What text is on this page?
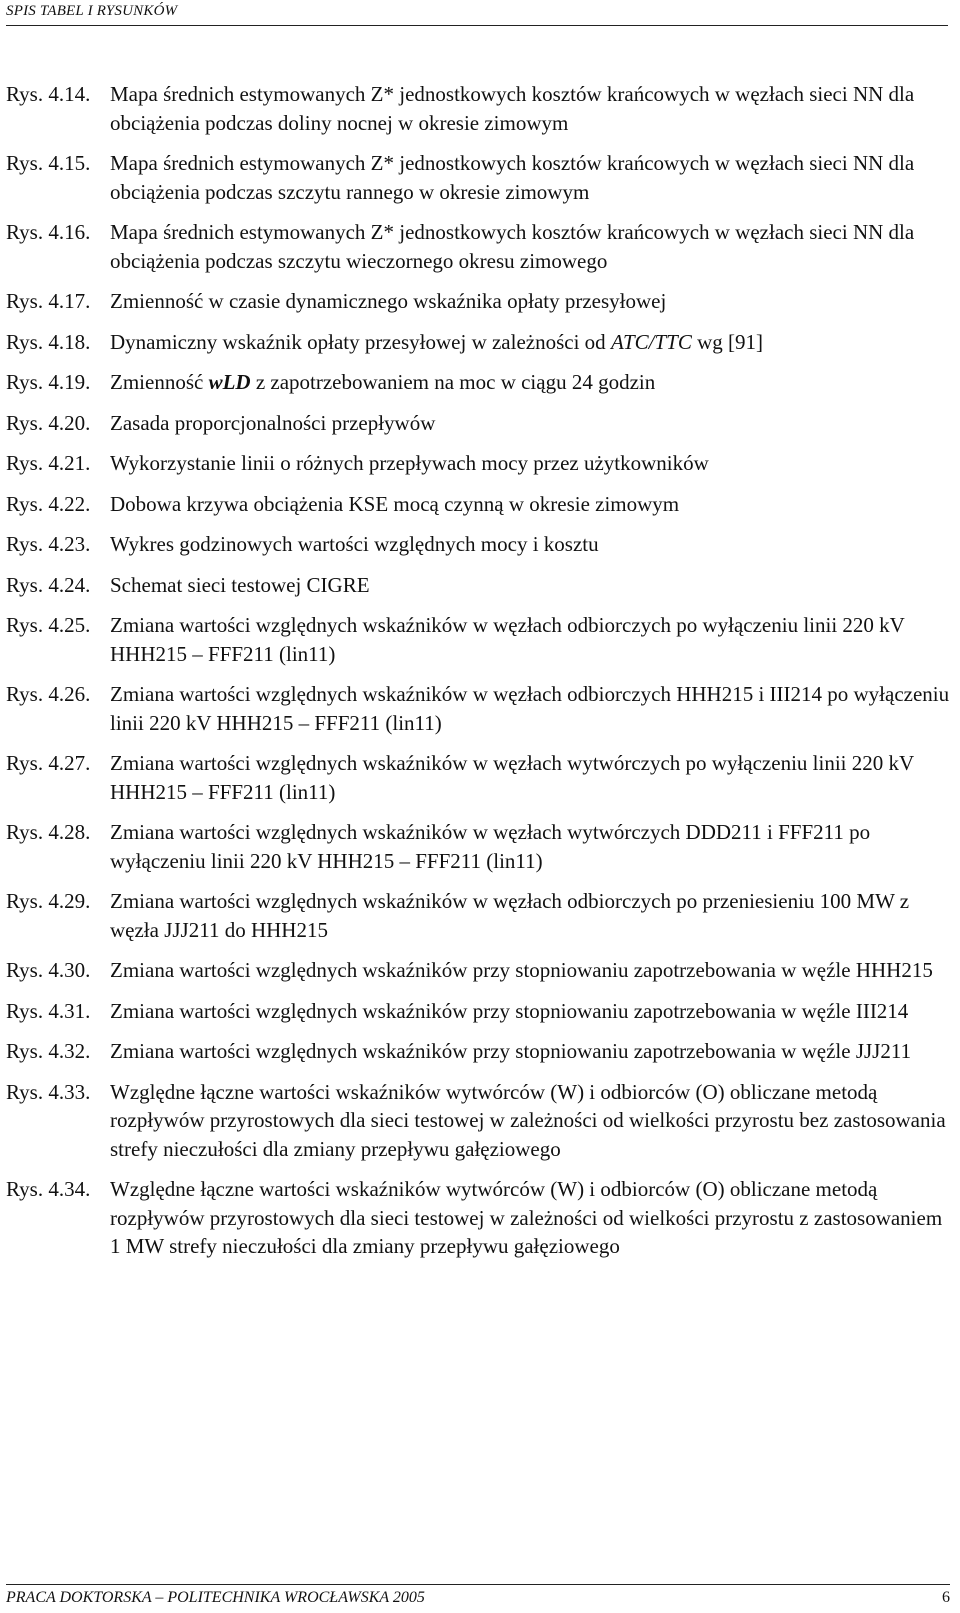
SPIS TABEL I RYSUNKÓW
Rys. 4.14. Mapa średnich estymowanych Z* jednostkowych kosztów krańcowych w węzłach sieci NN dla obciążenia podczas doliny nocnej w okresie zimowym
Rys. 4.15. Mapa średnich estymowanych Z* jednostkowych kosztów krańcowych w węzłach sieci NN dla obciążenia podczas szczytu rannego w okresie zimowym
Rys. 4.16. Mapa średnich estymowanych Z* jednostkowych kosztów krańcowych w węzłach sieci NN dla obciążenia podczas szczytu wieczornego okresu zimowego
Rys. 4.17. Zmienność w czasie dynamicznego wskaźnika opłaty przesyłowej
Rys. 4.18. Dynamiczny wskaźnik opłaty przesyłowej w zależności od ATC/TTC wg [91]
Rys. 4.19. Zmienność wLD z zapotrzebowaniem na moc w ciągu 24 godzin
Rys. 4.20. Zasada proporcjonalności przepływów
Rys. 4.21. Wykorzystanie linii o różnych przepływach mocy przez użytkowników
Rys. 4.22. Dobowa krzywa obciążenia KSE mocą czynną w okresie zimowym
Rys. 4.23. Wykres godzinowych wartości względnych mocy i kosztu
Rys. 4.24. Schemat sieci testowej CIGRE
Rys. 4.25. Zmiana wartości względnych wskaźników w węzłach odbiorczych po wyłączeniu linii 220 kV HHH215 – FFF211 (lin11)
Rys. 4.26. Zmiana wartości względnych wskaźników w węzłach odbiorczych HHH215 i III214 po wyłączeniu linii 220 kV HHH215 – FFF211 (lin11)
Rys. 4.27. Zmiana wartości względnych wskaźników w węzłach wytwórczych po wyłączeniu linii 220 kV HHH215 – FFF211 (lin11)
Rys. 4.28. Zmiana wartości względnych wskaźników w węzłach wytwórczych DDD211 i FFF211 po wyłączeniu linii 220 kV HHH215 – FFF211 (lin11)
Rys. 4.29. Zmiana wartości względnych wskaźników w węzłach odbiorczych po przeniesieniu 100 MW z węzła JJJ211 do HHH215
Rys. 4.30. Zmiana wartości względnych wskaźników przy stopniowaniu zapotrzebowania w węźle HHH215
Rys. 4.31. Zmiana wartości względnych wskaźników przy stopniowaniu zapotrzebowania w węźle III214
Rys. 4.32. Zmiana wartości względnych wskaźników przy stopniowaniu zapotrzebowania w węźle JJJ211
Rys. 4.33. Względne łączne wartości wskaźników wytwórców (W) i odbiorców (O) obliczane metodą rozpływów przyrostowych dla sieci testowej w zależności od wielkości przyrostu bez zastosowania strefy nieczułości dla zmiany przepływu gałęziowego
Rys. 4.34. Względne łączne wartości wskaźników wytwórców (W) i odbiorców (O) obliczane metodą rozpływów przyrostowych dla sieci testowej w zależności od wielkości przyrostu z zastosowaniem 1 MW strefy nieczułości dla zmiany przepływu gałęziowego
PRACA DOKTORSKA – POLITECHNIKA WROCŁAWSKA 2005	6
